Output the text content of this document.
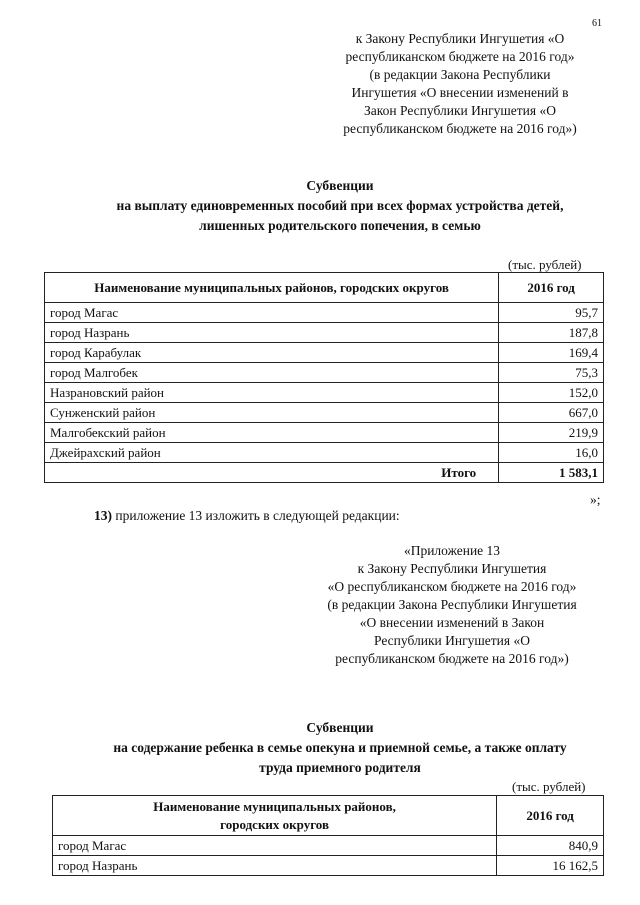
61
к Закону Республики Ингушетия «О
республиканском бюджете на 2016 год»
(в редакции Закона Республики
Ингушетия «О внесении изменений в
Закон Республики Ингушетия «О
республиканском бюджете на 2016 год»)
Субвенции
на выплату единовременных пособий при всех формах устройства детей,
лишенных родительского попечения, в семью
(тыс. рублей)
Наименование муниципальных районов, городских округов	2016 год
город Магас	95,7
город Назрань	187,8
город Карабулак	169,4
город Малгобек	75,3
Назрановский район	152,0
Сунженский район	667,0
Малгобекский район	219,9
Джейрахский район	16,0
Итого	1 583,1
»;
13) приложение 13 изложить в следующей редакции:
«Приложение 13
к Закону Республики Ингушетия
«О республиканском бюджете на 2016 год»
(в редакции Закона Республики Ингушетия
«О внесении изменений в Закон
Республики Ингушетия «О
республиканском бюджете на 2016 год»)
Субвенции
на содержание ребенка в семье опекуна и приемной семье, а также оплату
труда приемного родителя
(тыс. рублей)
Наименование муниципальных районов,
городских округов	2016 год
город Магас	840,9
город Назрань	16 162,5
